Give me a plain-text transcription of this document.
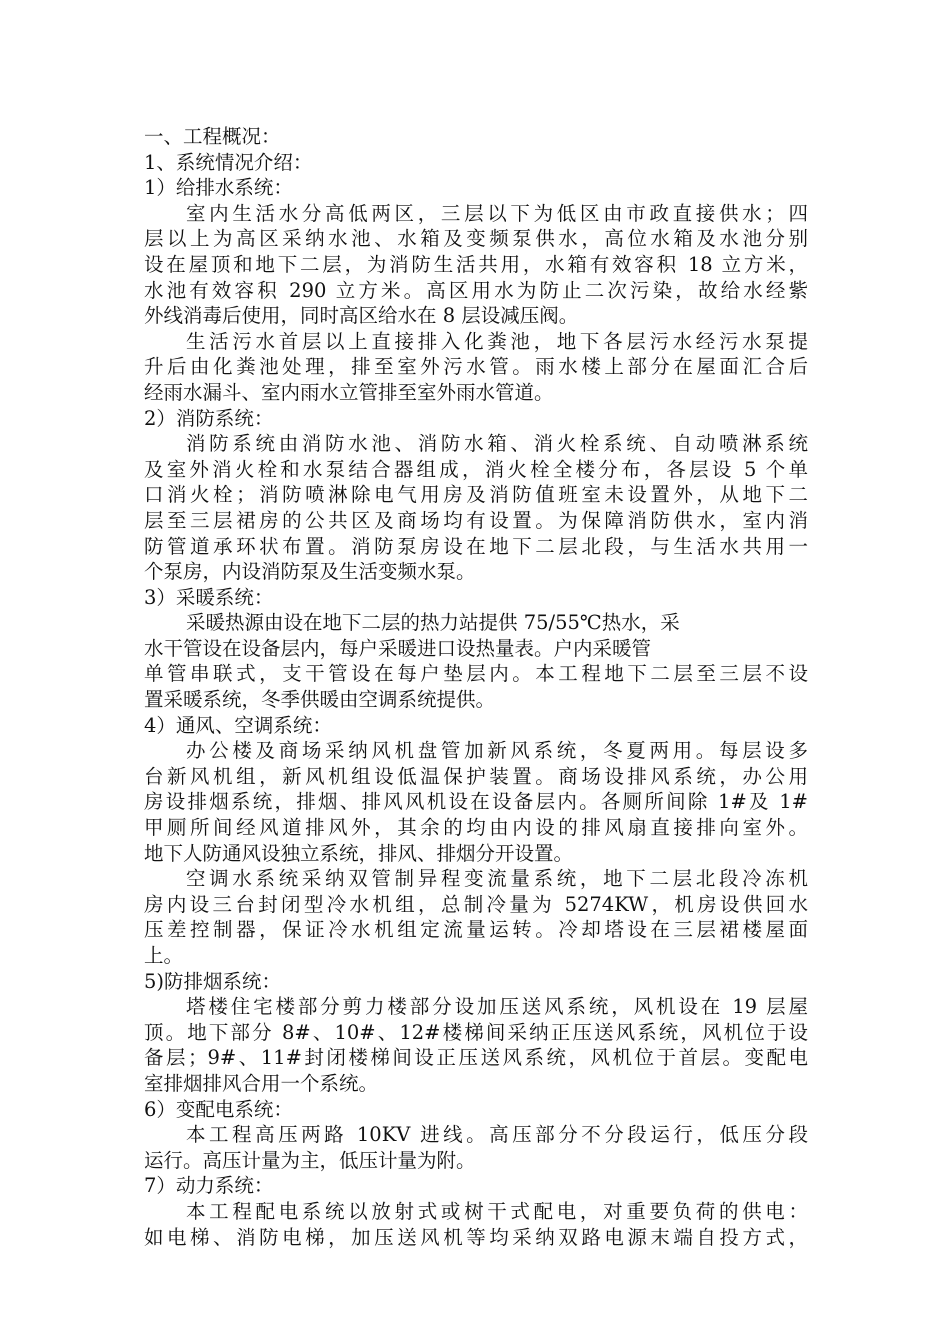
一、工程概况：
1、系统情况介绍：
1）给排水系统：
室内生活水分高低两区，三层以下为低区由市政直接供水；四
层以上为高区采纳水池、水箱及变频泵供水，高位水箱及水池分别
设在屋顶和地下二层，为消防生活共用，水箱有效容积 18 立方米，
水池有效容积 290 立方米。高区用水为防止二次污染，故给水经紫
外线消毒后使用，同时高区给水在 8 层设减压阀。
生活污水首层以上直接排入化粪池，地下各层污水经污水泵提
升后由化粪池处理，排至室外污水管。雨水楼上部分在屋面汇合后
经雨水漏斗、室内雨水立管排至室外雨水管道。
2）消防系统：
消防系统由消防水池、消防水箱、消火栓系统、自动喷淋系统
及室外消火栓和水泵结合器组成，消火栓全楼分布，各层设 5 个单
口消火栓；消防喷淋除电气用房及消防值班室未设置外，从地下二
层至三层裙房的公共区及商场均有设置。为保障消防供水，室内消
防管道承环状布置。消防泵房设在地下二层北段，与生活水共用一
个泵房，内设消防泵及生活变频水泵。
3）采暖系统：
采暖热源由设在地下二层的热力站提供 75/55℃热水，采
水干管设在设备层内，每户采暖进口设热量表。户内采暖管
单管串联式，支干管设在每户垫层内。本工程地下二层至三层不设
置采暖系统，冬季供暖由空调系统提供。
4）通风、空调系统：
办公楼及商场采纳风机盘管加新风系统，冬夏两用。每层设多
台新风机组，新风机组设低温保护装置。商场设排风系统，办公用
房设排烟系统，排烟、排风风机设在设备层内。各厕所间除 1#及 1#
甲厕所间经风道排风外，其余的均由内设的排风扇直接排向室外。
地下人防通风设独立系统，排风、排烟分开设置。
空调水系统采纳双管制异程变流量系统，地下二层北段冷冻机
房内设三台封闭型冷水机组，总制冷量为 5274KW，机房设供回水
压差控制器，保证冷水机组定流量运转。冷却塔设在三层裙楼屋面
上。
5)防排烟系统：
塔楼住宅楼部分剪力楼部分设加压送风系统，风机设在 19 层屋
顶。地下部分 8#、10#、12#楼梯间采纳正压送风系统，风机位于设
备层；9#、11#封闭楼梯间设正压送风系统，风机位于首层。变配电
室排烟排风合用一个系统。
6）变配电系统：
本工程高压两路 10KV 进线。高压部分不分段运行，低压分段
运行。高压计量为主，低压计量为附。
7）动力系统：
本工程配电系统以放射式或树干式配电，对重要负荷的供电：
如电梯、消防电梯，加压送风机等均采纳双路电源末端自投方式，
